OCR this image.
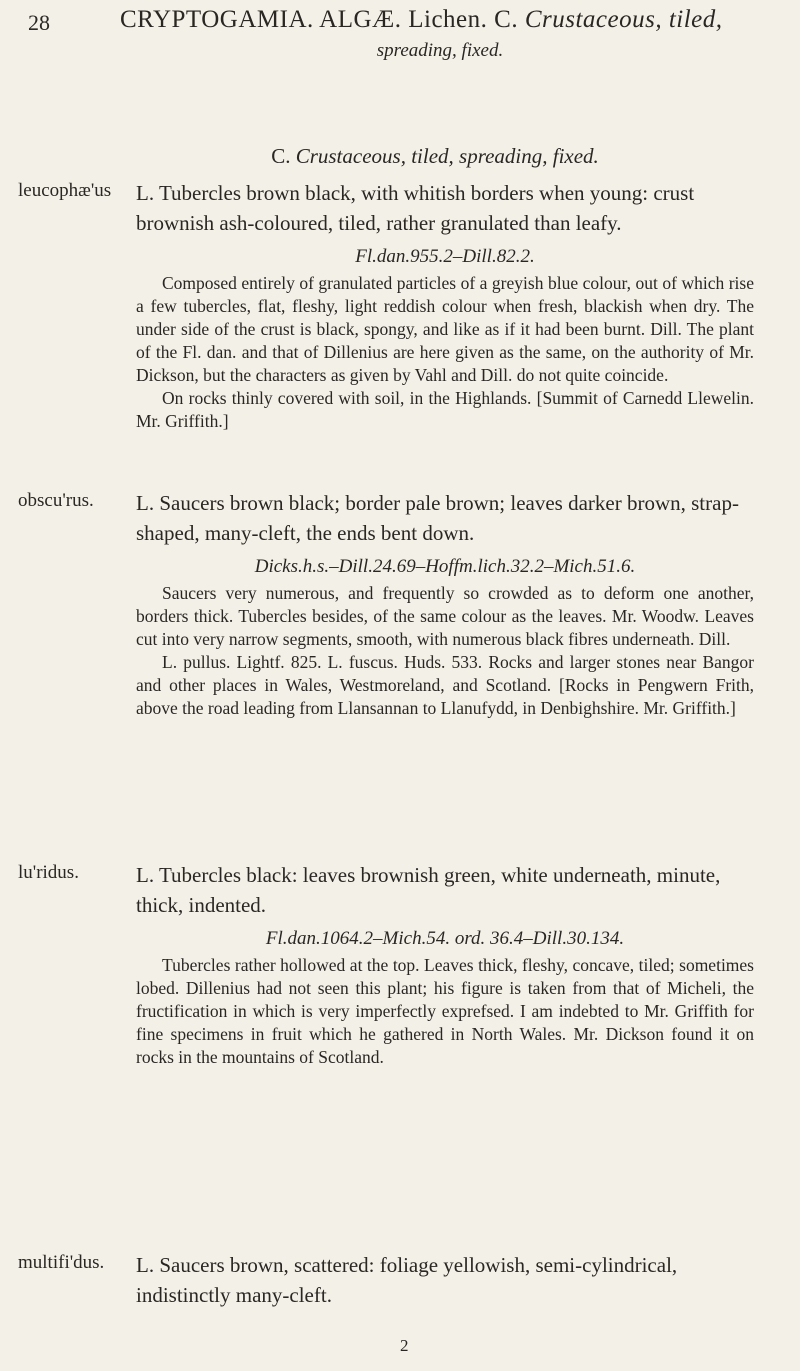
28	CRYPTOGAMIA. ALGÆ. Lichen. C. Crustaceous, tiled,
spreading, fixed.
C. Crustaceous, tiled, spreading, fixed.
leucophæ'us	L. Tubercles brown black, with whitish borders when young: crust brownish ash-coloured, tiled, rather granulated than leafy.

Fl.dan.955.2–Dill.82.2.

Composed entirely of granulated particles of a greyish blue colour, out of which rise a few tubercles, flat, fleshy, light reddish colour when fresh, blackish when dry. The under side of the crust is black, spongy, and like as if it had been burnt. Dill. The plant of the Fl. dan. and that of Dillenius are here given as the same, on the authority of Mr. Dickson, but the characters as given by Vahl and Dill. do not quite coincide.

On rocks thinly covered with soil, in the Highlands. [Summit of Carnedd Llewelin. Mr. Griffith.]

obscu'rus.	L. Saucers brown black; border pale brown; leaves darker brown, strap-shaped, many-cleft, the ends bent down.

Dicks.h.s.–Dill.24.69–Hoffm.lich.32.2–Mich.51.6.

Saucers very numerous, and frequently so crowded as to deform one another, borders thick. Tubercles besides, of the same colour as the leaves. Mr. Woodw. Leaves cut into very narrow segments, smooth, with numerous black fibres underneath. Dill.

L. pullus. Lightf. 825. L. fuscus. Huds. 533. Rocks and larger stones near Bangor and other places in Wales, Westmoreland, and Scotland. [Rocks in Pengwern Frith, above the road leading from Llansannan to Llanufydd, in Denbighshire. Mr. Griffith.]

lu'ridus.	L. Tubercles black: leaves brownish green, white underneath, minute, thick, indented.

Fl.dan.1064.2–Mich.54. ord. 36.4–Dill.30.134.

Tubercles rather hollowed at the top. Leaves thick, fleshy, concave, tiled; sometimes lobed. Dillenius had not seen this plant; his figure is taken from that of Micheli, the fructification in which is very imperfectly exprefsed. I am indebted to Mr. Griffith for fine specimens in fruit which he gathered in North Wales. Mr. Dickson found it on rocks in the mountains of Scotland.

multifi'dus.	L. Saucers brown, scattered: foliage yellowish, semi-cylindrical, indistinctly many-cleft.

2
